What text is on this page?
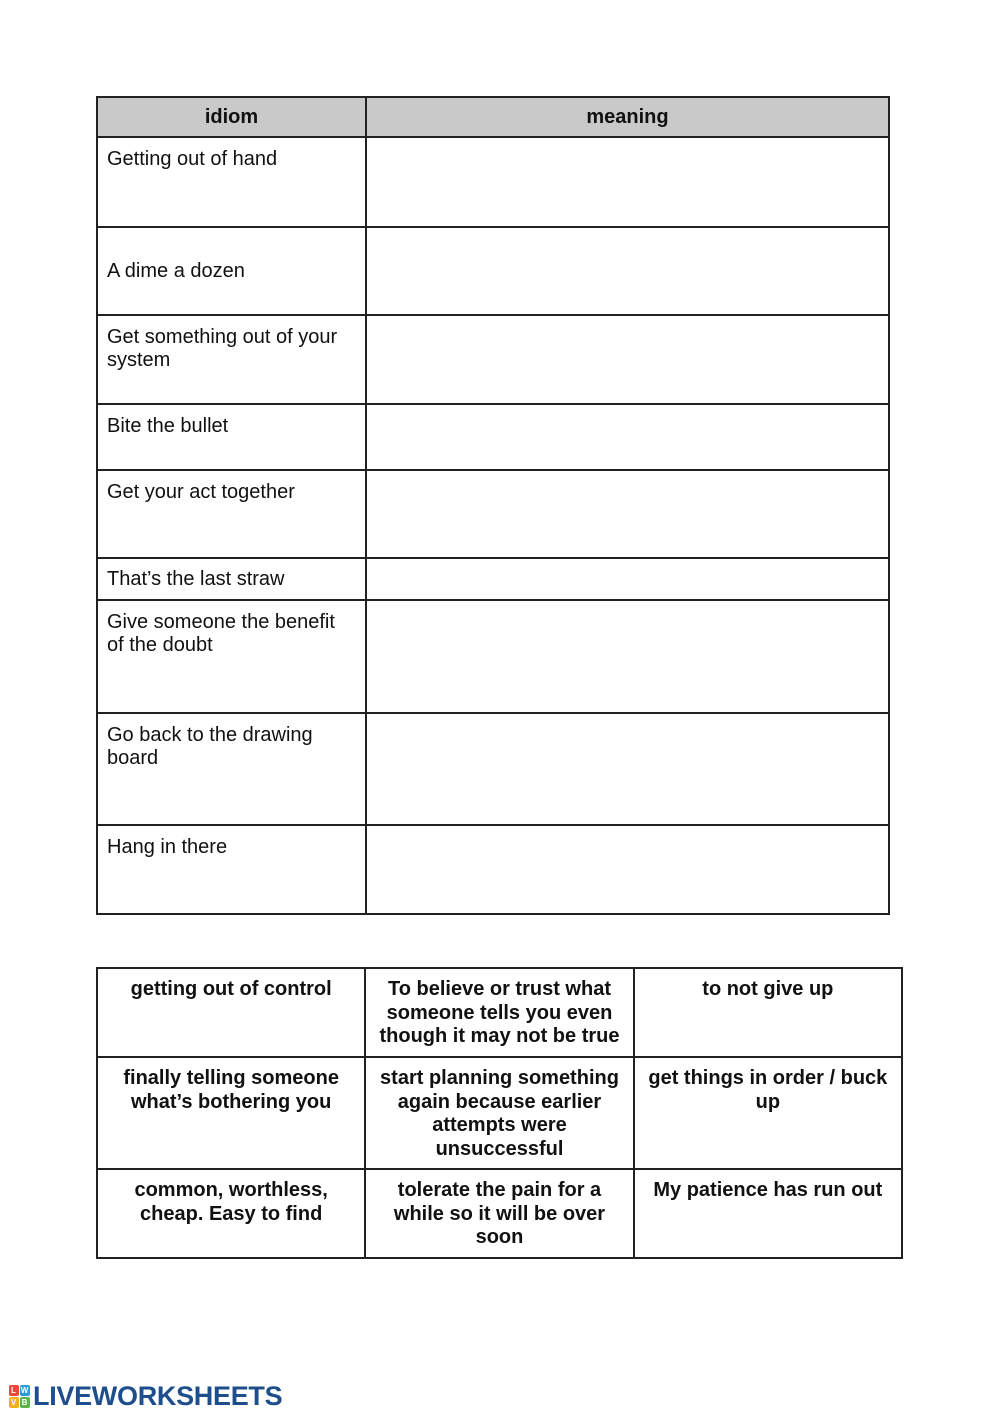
idiom	meaning
Getting out of hand	
A dime a dozen	
Get something out of your system	
Bite the bullet	
Get your act together	
That’s the last straw	
Give someone the benefit of the doubt	
Go back to the drawing board	
Hang in there	
getting out of control	To believe or trust what someone tells you even though it may not be true	to not give up
finally telling someone what’s bothering you	start planning something again because earlier attempts were unsuccessful	get things in order / buck up
common, worthless, cheap. Easy to find	tolerate the pain for a while so it will be over soon	My patience has run out
L W
V B LIVEWORKSHEETS
